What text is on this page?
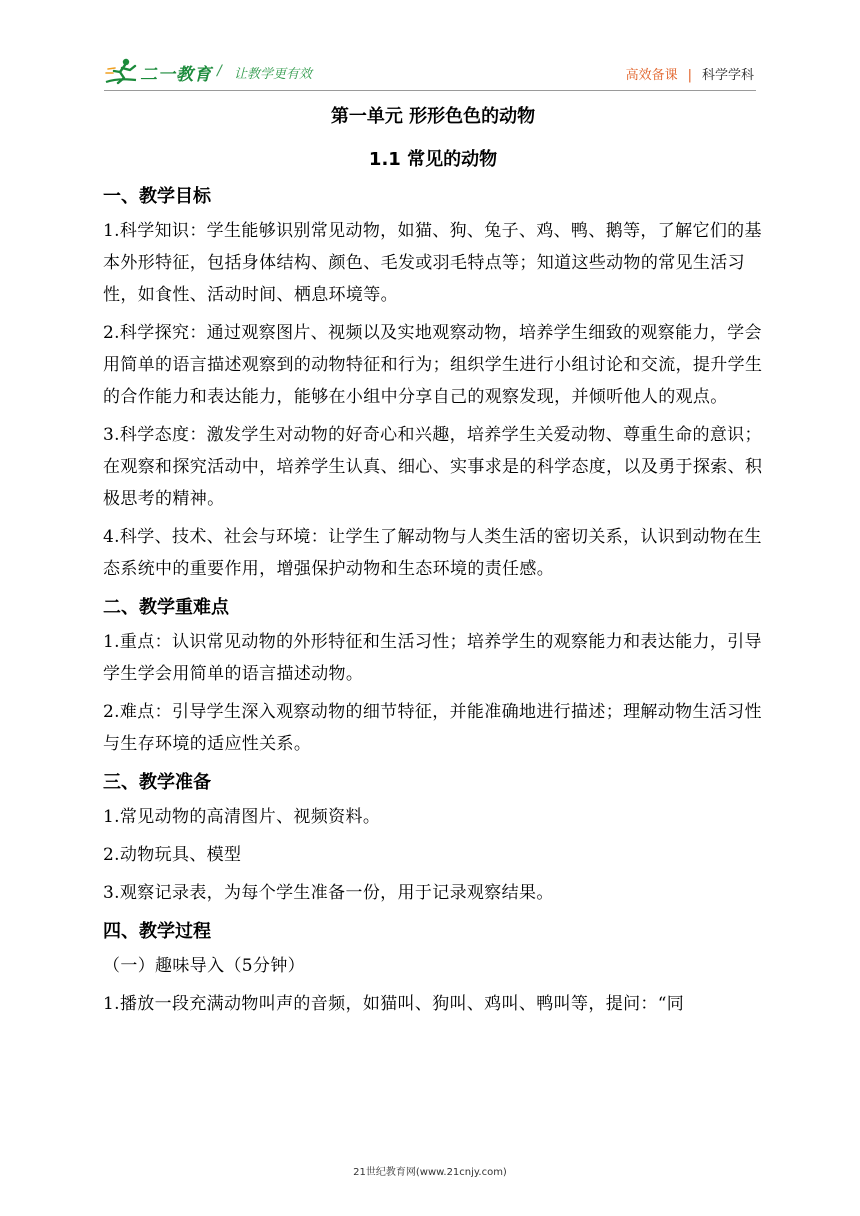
二一教育 / 让教学更有效	高效备课 | 科学学科
第一单元 形形色色的动物
1.1 常见的动物
一、教学目标

1.科学知识：学生能够识别常见动物，如猫、狗、兔子、鸡、鸭、鹅等，了解它们的基本外形特征，包括身体结构、颜色、毛发或羽毛特点等；知道这些动物的常见生活习性，如食性、活动时间、栖息环境等。

2.科学探究：通过观察图片、视频以及实地观察动物，培养学生细致的观察能力，学会用简单的语言描述观察到的动物特征和行为；组织学生进行小组讨论和交流，提升学生的合作能力和表达能力，能够在小组中分享自己的观察发现，并倾听他人的观点。

3.科学态度：激发学生对动物的好奇心和兴趣，培养学生关爱动物、尊重生命的意识；在观察和探究活动中，培养学生认真、细心、实事求是的科学态度，以及勇于探索、积极思考的精神。

4.科学、技术、社会与环境：让学生了解动物与人类生活的密切关系，认识到动物在生态系统中的重要作用，增强保护动物和生态环境的责任感。

二、教学重难点

1.重点：认识常见动物的外形特征和生活习性；培养学生的观察能力和表达能力，引导学生学会用简单的语言描述动物。

2.难点：引导学生深入观察动物的细节特征，并能准确地进行描述；理解动物生活习性与生存环境的适应性关系。

三、教学准备

1.常见动物的高清图片、视频资料。

2.动物玩具、模型

3.观察记录表，为每个学生准备一份，用于记录观察结果。

四、教学过程

（一）趣味导入（5分钟）

1.播放一段充满动物叫声的音频，如猫叫、狗叫、鸡叫、鸭叫等，提问：“同

21世纪教育网(www.21cnjy.com)
